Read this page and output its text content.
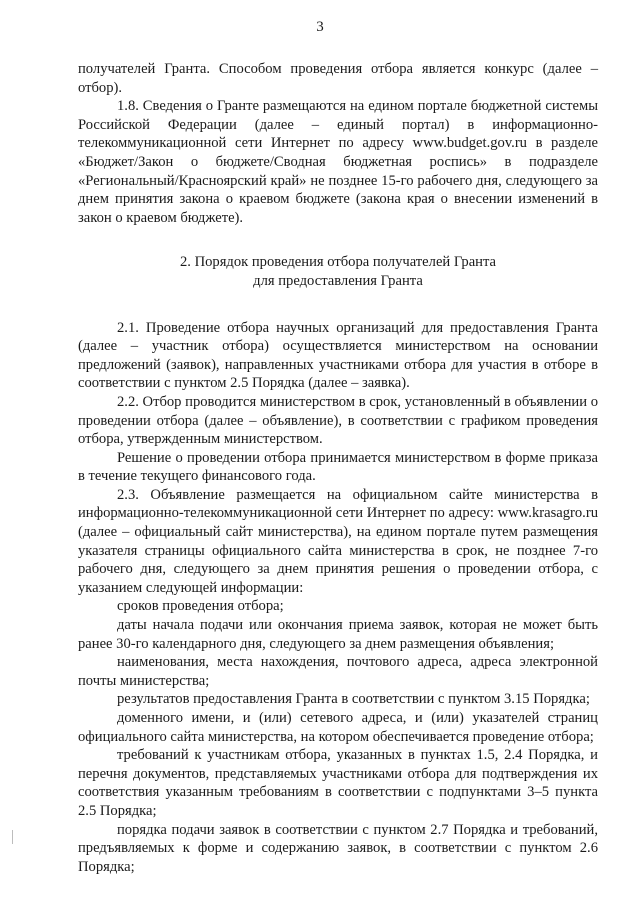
3

получателей Гранта. Способом проведения отбора является конкурс (далее – отбор).

1.8. Сведения о Гранте размещаются на едином портале бюджетной системы Российской Федерации (далее – единый портал) в информационно-телекоммуникационной сети Интернет по адресу www.budget.gov.ru в разделе «Бюджет/Закон о бюджете/Сводная бюджетная роспись» в подразделе «Региональный/Красноярский край» не позднее 15-го рабочего дня, следующего за днем принятия закона о краевом бюджете (закона края о внесении изменений в закон о краевом бюджете).

2. Порядок проведения отбора получателей Гранта
для предоставления Гранта

2.1. Проведение отбора научных организаций для предоставления Гранта (далее – участник отбора) осуществляется министерством на основании предложений (заявок), направленных участниками отбора для участия в отборе в соответствии с пунктом 2.5 Порядка (далее – заявка).

2.2. Отбор проводится министерством в срок, установленный в объявлении о проведении отбора (далее – объявление), в соответствии с графиком проведения отбора, утвержденным министерством.

Решение о проведении отбора принимается министерством в форме приказа в течение текущего финансового года.

2.3. Объявление размещается на официальном сайте министерства в информационно-телекоммуникационной сети Интернет по адресу: www.krasagro.ru (далее – официальный сайт министерства), на едином портале путем размещения указателя страницы официального сайта министерства в срок, не позднее 7-го рабочего дня, следующего за днем принятия решения о проведении отбора, с указанием следующей информации:

сроков проведения отбора;

даты начала подачи или окончания приема заявок, которая не может быть ранее 30-го календарного дня, следующего за днем размещения объявления;

наименования, места нахождения, почтового адреса, адреса электронной почты министерства;

результатов предоставления Гранта в соответствии с пунктом 3.15 Порядка;

доменного имени, и (или) сетевого адреса, и (или) указателей страниц официального сайта министерства, на котором обеспечивается проведение отбора;

требований к участникам отбора, указанных в пунктах 1.5, 2.4 Порядка, и перечня документов, представляемых участниками отбора для подтверждения их соответствия указанным требованиям в соответствии с подпунктами 3–5 пункта 2.5 Порядка;

порядка подачи заявок в соответствии с пунктом 2.7 Порядка и требований, предъявляемых к форме и содержанию заявок, в соответствии с пунктом 2.6 Порядка;
